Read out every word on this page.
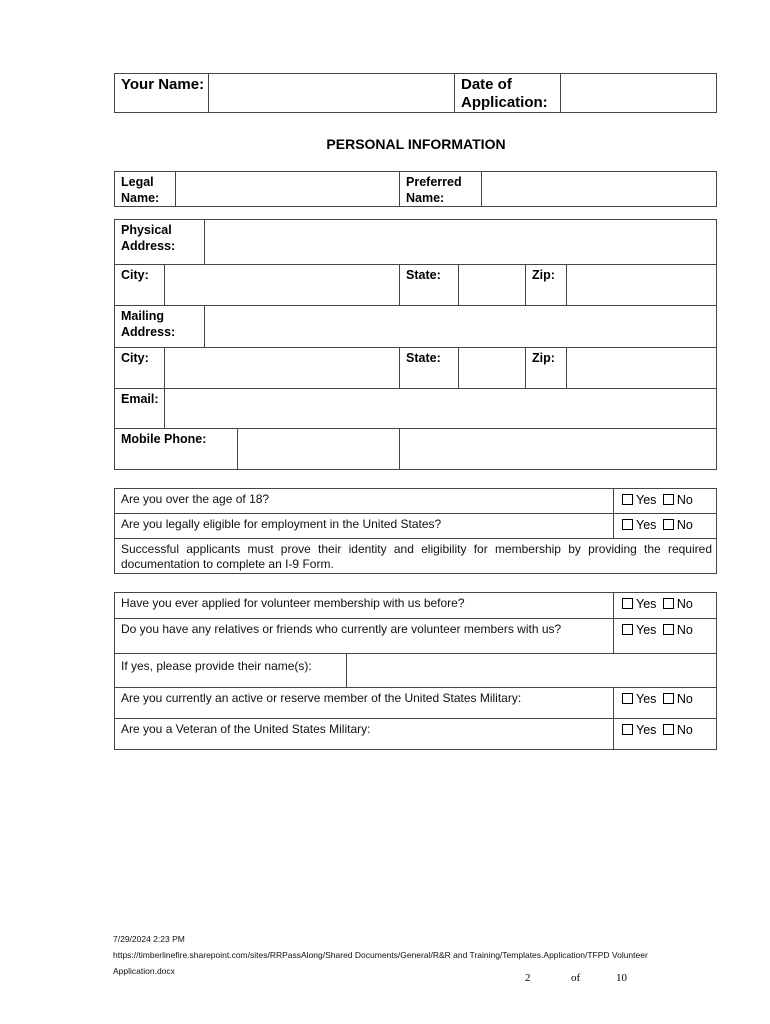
Your Name:		Date of Application:	
PERSONAL INFORMATION
Legal Name:		Preferred Name:	
Physical Address:						
City:			State:		Zip:	
Mailing Address:						
City:			State:		Zip:	
Email:						

Mobile Phone:						

Are you over the age of 18?	Yes No
Are you legally eligible for employment in the United States?	Yes No
Successful applicants must prove their identity and eligibility for membership by providing the required documentation to complete an I-9 Form.	
Have you ever applied for volunteer membership with us before?		Yes No
Do you have any relatives or friends who currently are volunteer members with us?		Yes No
If yes, please provide their name(s):		
Are you currently an active or reserve member of the United States Military:		Yes No
Are you a Veteran of the United States Military:		Yes No
7/29/2024 2:23 PM
https://timberlinefire.sharepoint.com/sites/RRPassAlong/Shared Documents/General/R&R and Training/Templates.Application/TFPD Volunteer
Application.docx
2	of	10
